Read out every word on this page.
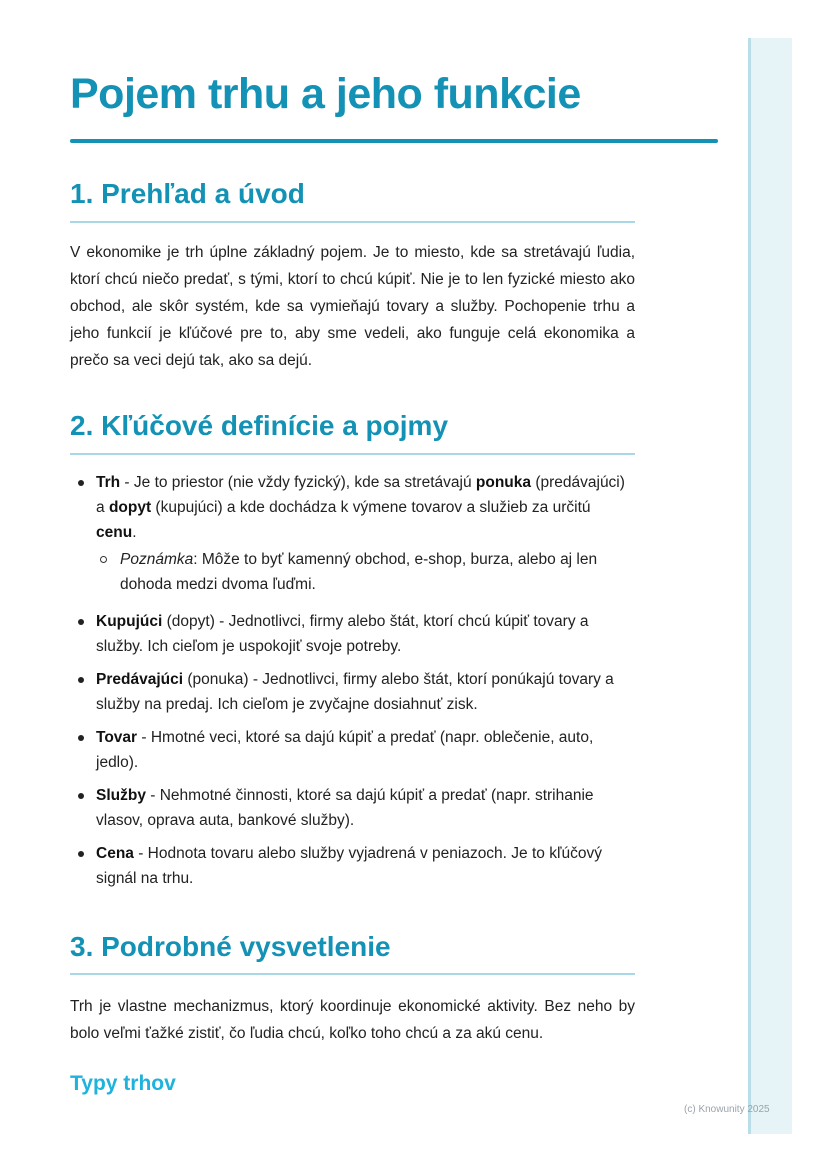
Pojem trhu a jeho funkcie
1. Prehľad a úvod

V ekonomike je trh úplne základný pojem. Je to miesto, kde sa stretávajú ľudia, ktorí chcú niečo predať, s tými, ktorí to chcú kúpiť. Nie je to len fyzické miesto ako obchod, ale skôr systém, kde sa vymieňajú tovary a služby. Pochopenie trhu a jeho funkcií je kľúčové pre to, aby sme vedeli, ako funguje celá ekonomika a prečo sa veci dejú tak, ako sa dejú.

2. Kľúčové definície a pojmy
Trh - Je to priestor (nie vždy fyzický), kde sa stretávajú ponuka (predávajúci) a dopyt (kupujúci) a kde dochádza k výmene tovarov a služieb za určitú cenu.
Poznámka: Môže to byť kamenný obchod, e-shop, burza, alebo aj len dohoda medzi dvoma ľuďmi.
Kupujúci (dopyt) - Jednotlivci, firmy alebo štát, ktorí chcú kúpiť tovary a služby. Ich cieľom je uspokojiť svoje potreby.
Predávajúci (ponuka) - Jednotlivci, firmy alebo štát, ktorí ponúkajú tovary a služby na predaj. Ich cieľom je zvyčajne dosiahnuť zisk.
Tovar - Hmotné veci, ktoré sa dajú kúpiť a predať (napr. oblečenie, auto, jedlo).
Služby - Nehmotné činnosti, ktoré sa dajú kúpiť a predať (napr. strihanie vlasov, oprava auta, bankové služby).
Cena - Hodnota tovaru alebo služby vyjadrená v peniazoch. Je to kľúčový signál na trhu.
3. Podrobné vysvetlenie

Trh je vlastne mechanizmus, ktorý koordinuje ekonomické aktivity. Bez neho by bolo veľmi ťažké zistiť, čo ľudia chcú, koľko toho chcú a za akú cenu.

Typy trhov
(c) Knowunity 2025
